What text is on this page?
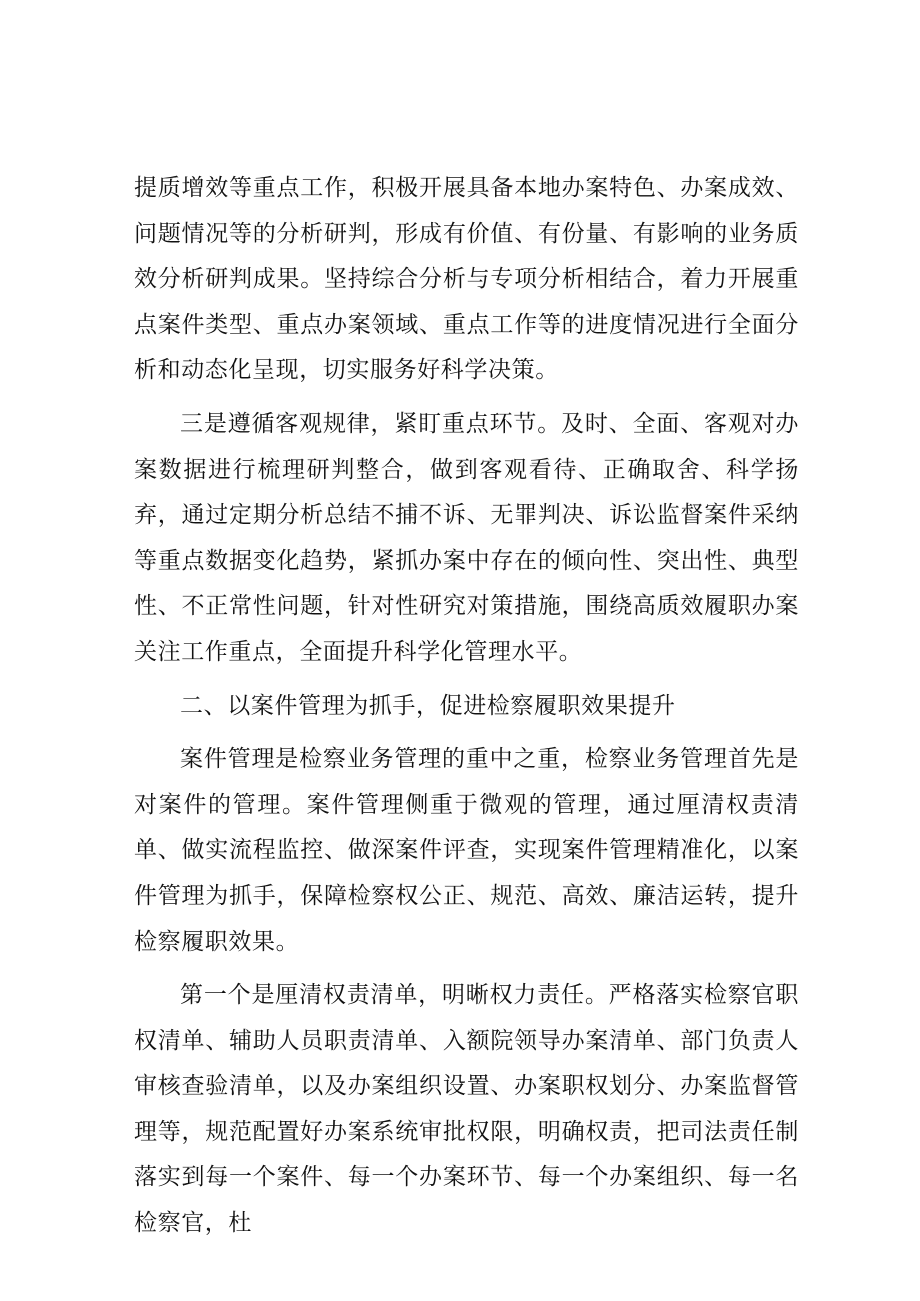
提质增效等重点工作，积极开展具备本地办案特色、办案成效、问题情况等的分析研判，形成有价值、有份量、有影响的业务质效分析研判成果。坚持综合分析与专项分析相结合，着力开展重点案件类型、重点办案领域、重点工作等的进度情况进行全面分析和动态化呈现，切实服务好科学决策。

三是遵循客观规律，紧盯重点环节。及时、全面、客观对办案数据进行梳理研判整合，做到客观看待、正确取舍、科学扬弃，通过定期分析总结不捕不诉、无罪判决、诉讼监督案件采纳等重点数据变化趋势，紧抓办案中存在的倾向性、突出性、典型性、不正常性问题，针对性研究对策措施，围绕高质效履职办案关注工作重点，全面提升科学化管理水平。

二、以案件管理为抓手，促进检察履职效果提升

案件管理是检察业务管理的重中之重，检察业务管理首先是对案件的管理。案件管理侧重于微观的管理，通过厘清权责清单、做实流程监控、做深案件评查，实现案件管理精准化，以案件管理为抓手，保障检察权公正、规范、高效、廉洁运转，提升检察履职效果。

第一个是厘清权责清单，明晰权力责任。严格落实检察官职权清单、辅助人员职责清单、入额院领导办案清单、部门负责人审核查验清单，以及办案组织设置、办案职权划分、办案监督管理等，规范配置好办案系统审批权限，明确权责，把司法责任制落实到每一个案件、每一个办案环节、每一个办案组织、每一名检察官，杜
